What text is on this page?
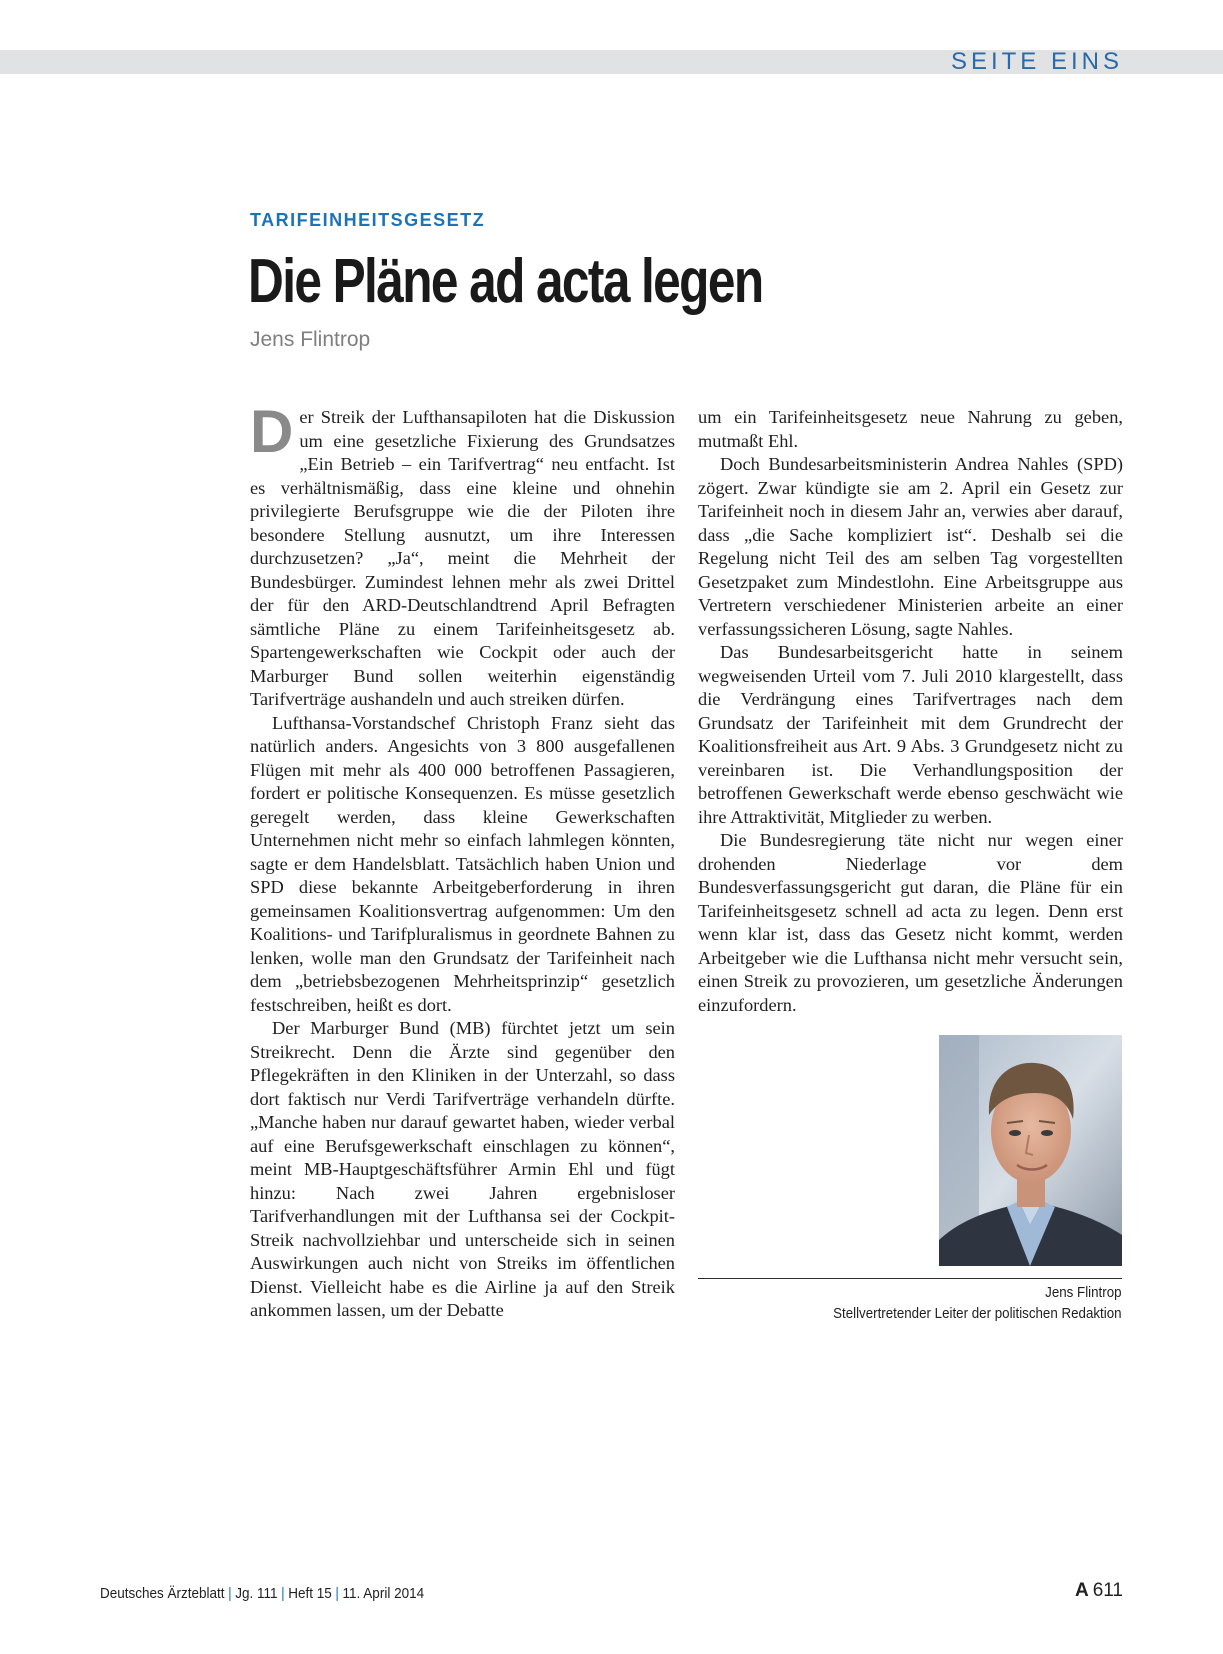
SEITE EINS
TARIFEINHEITSGESETZ
Die Pläne ad acta legen
Jens Flintrop

Der Streik der Lufthansapiloten hat die Diskussion um eine gesetzliche Fixierung des Grundsatzes „Ein Betrieb – ein Tarifvertrag“ neu entfacht. Ist es verhältnismäßig, dass eine kleine und ohnehin privilegierte Berufsgruppe wie die der Piloten ihre besondere Stellung ausnutzt, um ihre Interessen durchzusetzen? „Ja“, meint die Mehrheit der Bundesbürger. Zumindest lehnen mehr als zwei Drittel der für den ARD-Deutschlandtrend April Befragten sämtliche Pläne zu einem Tarifeinheitsgesetz ab. Spartengewerkschaften wie Cockpit oder auch der Marburger Bund sollen weiterhin eigenständig Tarifverträge aushandeln und auch streiken dürfen.

Lufthansa-Vorstandschef Christoph Franz sieht das natürlich anders. Angesichts von 3 800 ausgefallenen Flügen mit mehr als 400 000 betroffenen Passagieren, fordert er politische Konsequenzen. Es müsse gesetzlich geregelt werden, dass kleine Gewerkschaften Unternehmen nicht mehr so einfach lahmlegen könnten, sagte er dem Handelsblatt. Tatsächlich haben Union und SPD diese bekannte Arbeitgeberforderung in ihren gemeinsamen Koalitionsvertrag aufgenommen: Um den Koalitions- und Tarifpluralismus in geordnete Bahnen zu lenken, wolle man den Grundsatz der Tarifeinheit nach dem „betriebsbezogenen Mehrheitsprinzip“ gesetzlich festschreiben, heißt es dort.

Der Marburger Bund (MB) fürchtet jetzt um sein Streikrecht. Denn die Ärzte sind gegenüber den Pflegekräften in den Kliniken in der Unterzahl, so dass dort faktisch nur Verdi Tarifverträge verhandeln dürfte. „Manche haben nur darauf gewartet haben, wieder verbal auf eine Berufsgewerkschaft einschlagen zu können“, meint MB-Hauptgeschäftsführer Armin Ehl und fügt hinzu: Nach zwei Jahren ergebnisloser Tarifverhandlungen mit der Lufthansa sei der Cockpit-Streik nachvollziehbar und unterscheide sich in seinen Auswirkungen auch nicht von Streiks im öffentlichen Dienst. Vielleicht habe es die Airline ja auf den Streik ankommen lassen, um der Debatte

um ein Tarifeinheitsgesetz neue Nahrung zu geben, mutmaßt Ehl.

Doch Bundesarbeitsministerin Andrea Nahles (SPD) zögert. Zwar kündigte sie am 2. April ein Gesetz zur Tarifeinheit noch in diesem Jahr an, verwies aber darauf, dass „die Sache kompliziert ist“. Deshalb sei die Regelung nicht Teil des am selben Tag vorgestellten Gesetzpaket zum Mindestlohn. Eine Arbeitsgruppe aus Vertretern verschiedener Ministerien arbeite an einer verfassungssicheren Lösung, sagte Nahles.

Das Bundesarbeitsgericht hatte in seinem wegweisenden Urteil vom 7. Juli 2010 klargestellt, dass die Verdrängung eines Tarifvertrages nach dem Grundsatz der Tarifeinheit mit dem Grundrecht der Koalitionsfreiheit aus Art. 9 Abs. 3 Grundgesetz nicht zu vereinbaren ist. Die Verhandlungsposition der betroffenen Gewerkschaft werde ebenso geschwächt wie ihre Attraktivität, Mitglieder zu werben.

Die Bundesregierung täte nicht nur wegen einer drohenden Niederlage vor dem Bundesverfassungsgericht gut daran, die Pläne für ein Tarifeinheitsgesetz schnell ad acta zu legen. Denn erst wenn klar ist, dass das Gesetz nicht kommt, werden Arbeitgeber wie die Lufthansa nicht mehr versucht sein, einen Streik zu provozieren, um gesetzliche Änderungen einzufordern.

Jens Flintrop
Stellvertretender Leiter der politischen Redaktion
Deutsches Ärzteblatt | Jg. 111 | Heft 15 | 11. April 2014	A 611
